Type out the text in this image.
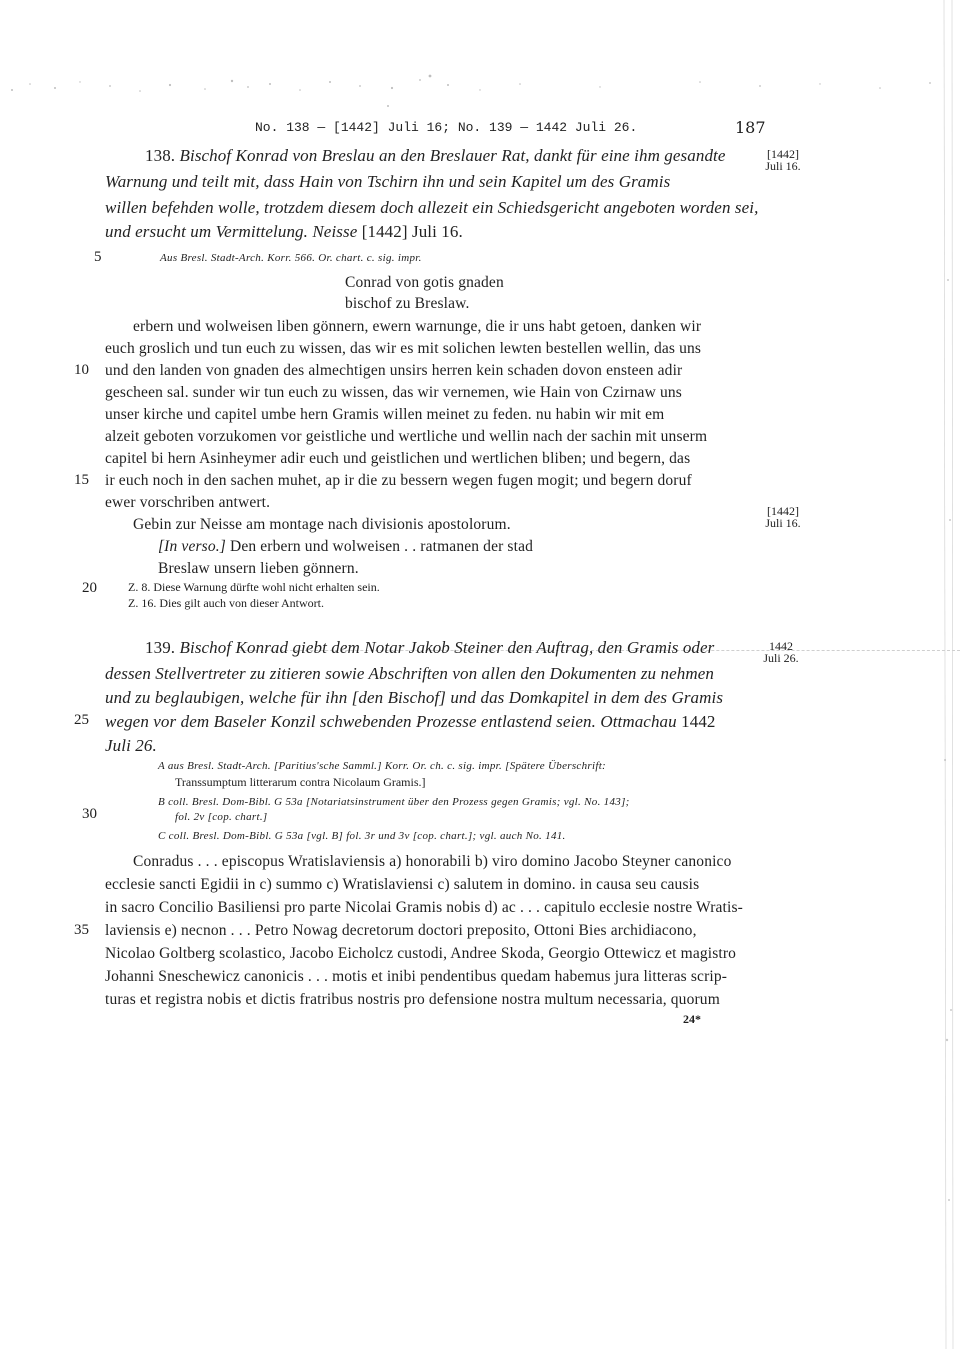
No. 138 — [1442] Juli 16; No. 139 — 1442 Juli 26.	187
138. Bischof Konrad von Breslau an den Breslauer Rat, dankt für eine ihm gesandte
Warnung und teilt mit, dass Hain von Tschirn ihn und sein Kapitel um des Gramis
willen befehden wolle, trotzdem diesem doch allezeit ein Schiedsgericht angeboten worden sei,
und ersucht um Vermittelung. Neisse [1442] Juli 16.
[1442]
Juli 16.
5	Aus Bresl. Stadt-Arch. Korr. 566. Or. chart. c. sig. impr.
Conrad von gotis gnaden
bischof zu Breslaw.
erbern und wolweisen liben gönnern, ewern warnunge, die ir uns habt getoen, danken wir
euch groslich und tun euch zu wissen, das wir es mit solichen lewten bestellen wellin, das uns
10 und den landen von gnaden des almechtigen unsirs herren kein schaden dovon ensteen adir
gescheen sal. sunder wir tun euch zu wissen, das wir vernemen, wie Hain von Czirnaw uns
unser kirche und capitel umbe hern Gramis willen meinet zu feden. nu habin wir mit em
alzeit geboten vorzukomen vor geistliche und wertliche und wellin nach der sachin mit unserm
capitel bi hern Asinheymer adir euch und geistlichen und wertlichen bliben; und begern, das
15 ir euch noch in den sachen muhet, ap ir die zu bessern wegen fugen mogit; und begern doruf
ewer vorschriben antwert.
Gebin zur Neisse am montage nach divisionis apostolorum.
[1442]
Juli 16.
[In verso.] Den erbern und wolweisen . . ratmanen der stad
Breslaw unsern lieben gönnern.
20	Z. 8. Diese Warnung dürfte wohl nicht erhalten sein.
Z. 16. Dies gilt auch von dieser Antwort.
139. Bischof Konrad giebt dem Notar Jakob Steiner den Auftrag, den Gramis oder
dessen Stellvertreter zu zitieren sowie Abschriften von allen den Dokumenten zu nehmen
und zu beglaubigen, welche für ihn [den Bischof] und das Domkapitel in dem des Gramis
25 wegen vor dem Baseler Konzil schwebenden Prozesse entlastend seien. Ottmachau 1442
Juli 26.
1442
Juli 26.
A aus Bresl. Stadt-Arch. [Paritius'sche Samml.] Korr. Or. ch. c. sig. impr. [Spätere Überschrift:
Transsumptum litterarum contra Nicolaum Gramis.]
B coll. Bresl. Dom-Bibl. G 53a [Notariatsinstrument über den Prozess gegen Gramis; vgl. No. 143];
30	fol. 2v [cop. chart.]
C coll. Bresl. Dom-Bibl. G 53a [vgl. B] fol. 3r und 3v [cop. chart.]; vgl. auch No. 141.
Conradus . . . episcopus Wratislaviensis a) honorabili b) viro domino Jacobo Steyner canonico
ecclesie sancti Egidii in c) summo c) Wratislaviensi c) salutem in domino. in causa seu causis
in sacro Concilio Basiliensi pro parte Nicolai Gramis nobis d) ac . . . capitulo ecclesie nostre Wratis-
35 laviensis e) necnon . . . Petro Nowag decretorum doctori preposito, Ottoni Bies archidiacono,
Nicolao Goltberg scolastico, Jacobo Eicholcz custodi, Andree Skoda, Georgio Ottewicz et magistro
Johanni Sneschewicz canonicis . . . motis et inibi pendentibus quedam habemus jura litteras scrip-
turas et registra nobis et dictis fratribus nostris pro defensione nostra multum necessaria, quorum
24*
